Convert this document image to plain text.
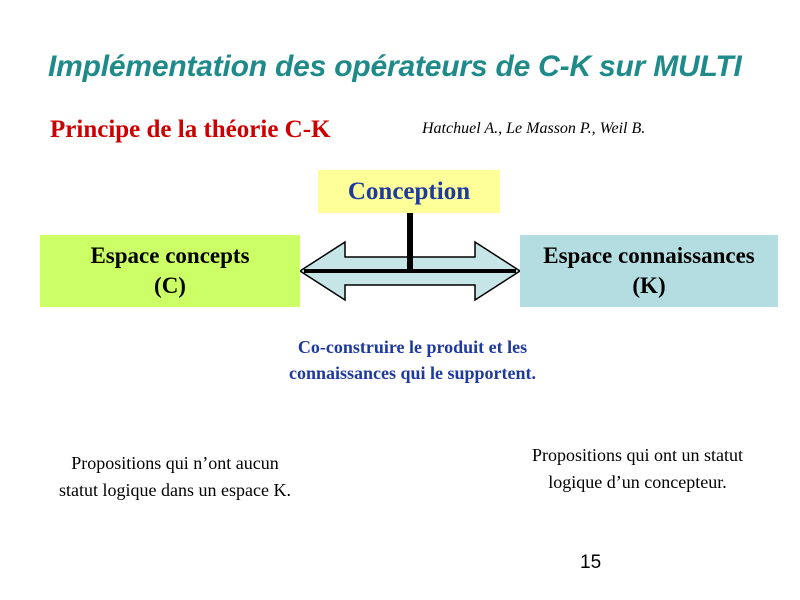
Implémentation des opérateurs de C-K sur MULTI
Principe de la théorie C-K	Hatchuel A., Le Masson P., Weil B.
Conception
Espace concepts
(C)
Espace connaissances
(K)
Co-construire le produit et les
connaissances qui le supportent.
Propositions qui n’ont aucun
statut logique dans un espace K.
Propositions qui ont un statut
logique d’un concepteur.
15
